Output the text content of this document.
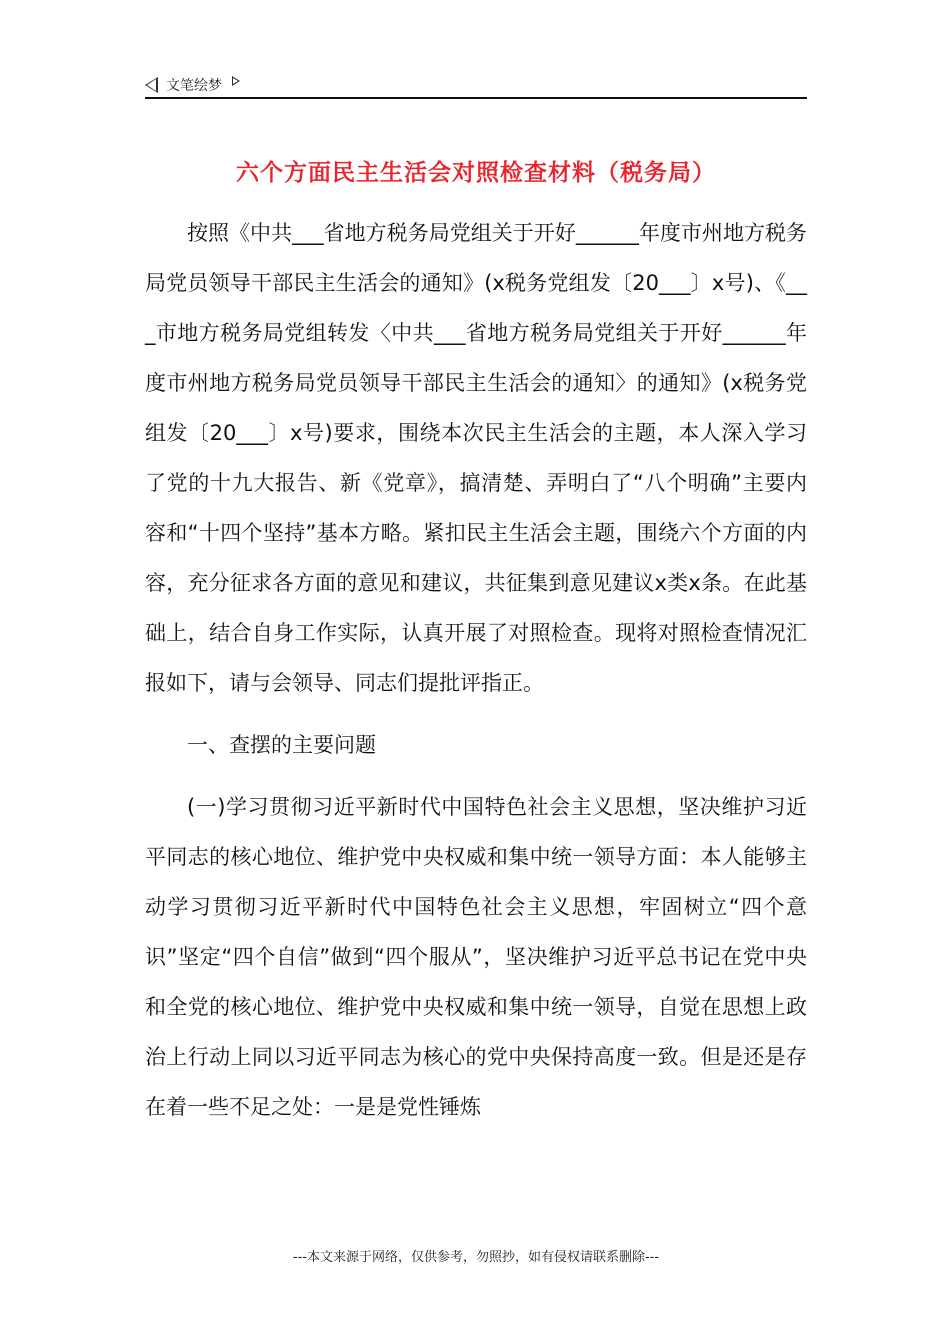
文笔绘梦
六个方面民主生活会对照检查材料（税务局）

按照《中共___省地方税务局党组关于开好______年度市州地方税务局党员领导干部民主生活会的通知》(x税务党组发〔20___〕x号)、《___市地方税务局党组转发〈中共___省地方税务局党组关于开好______年度市州地方税务局党员领导干部民主生活会的通知〉的通知》(x税务党组发〔20___〕x号)要求，围绕本次民主生活会的主题，本人深入学习了党的十九大报告、新《党章》，搞清楚、弄明白了“八个明确”主要内容和“十四个坚持”基本方略。紧扣民主生活会主题，围绕六个方面的内容，充分征求各方面的意见和建议，共征集到意见建议x类x条。在此基础上，结合自身工作实际，认真开展了对照检查。现将对照检查情况汇报如下，请与会领导、同志们提批评指正。

一、查摆的主要问题

(一)学习贯彻习近平新时代中国特色社会主义思想，坚决维护习近平同志的核心地位、维护党中央权威和集中统一领导方面：本人能够主动学习贯彻习近平新时代中国特色社会主义思想，牢固树立“四个意识”坚定“四个自信”做到“四个服从”，坚决维护习近平总书记在党中央和全党的核心地位、维护党中央权威和集中统一领导，自觉在思想上政治上行动上同以习近平同志为核心的党中央保持高度一致。但是还是存在着一些不足之处：一是是党性锤炼

---本文来源于网络，仅供参考，勿照抄，如有侵权请联系删除---
